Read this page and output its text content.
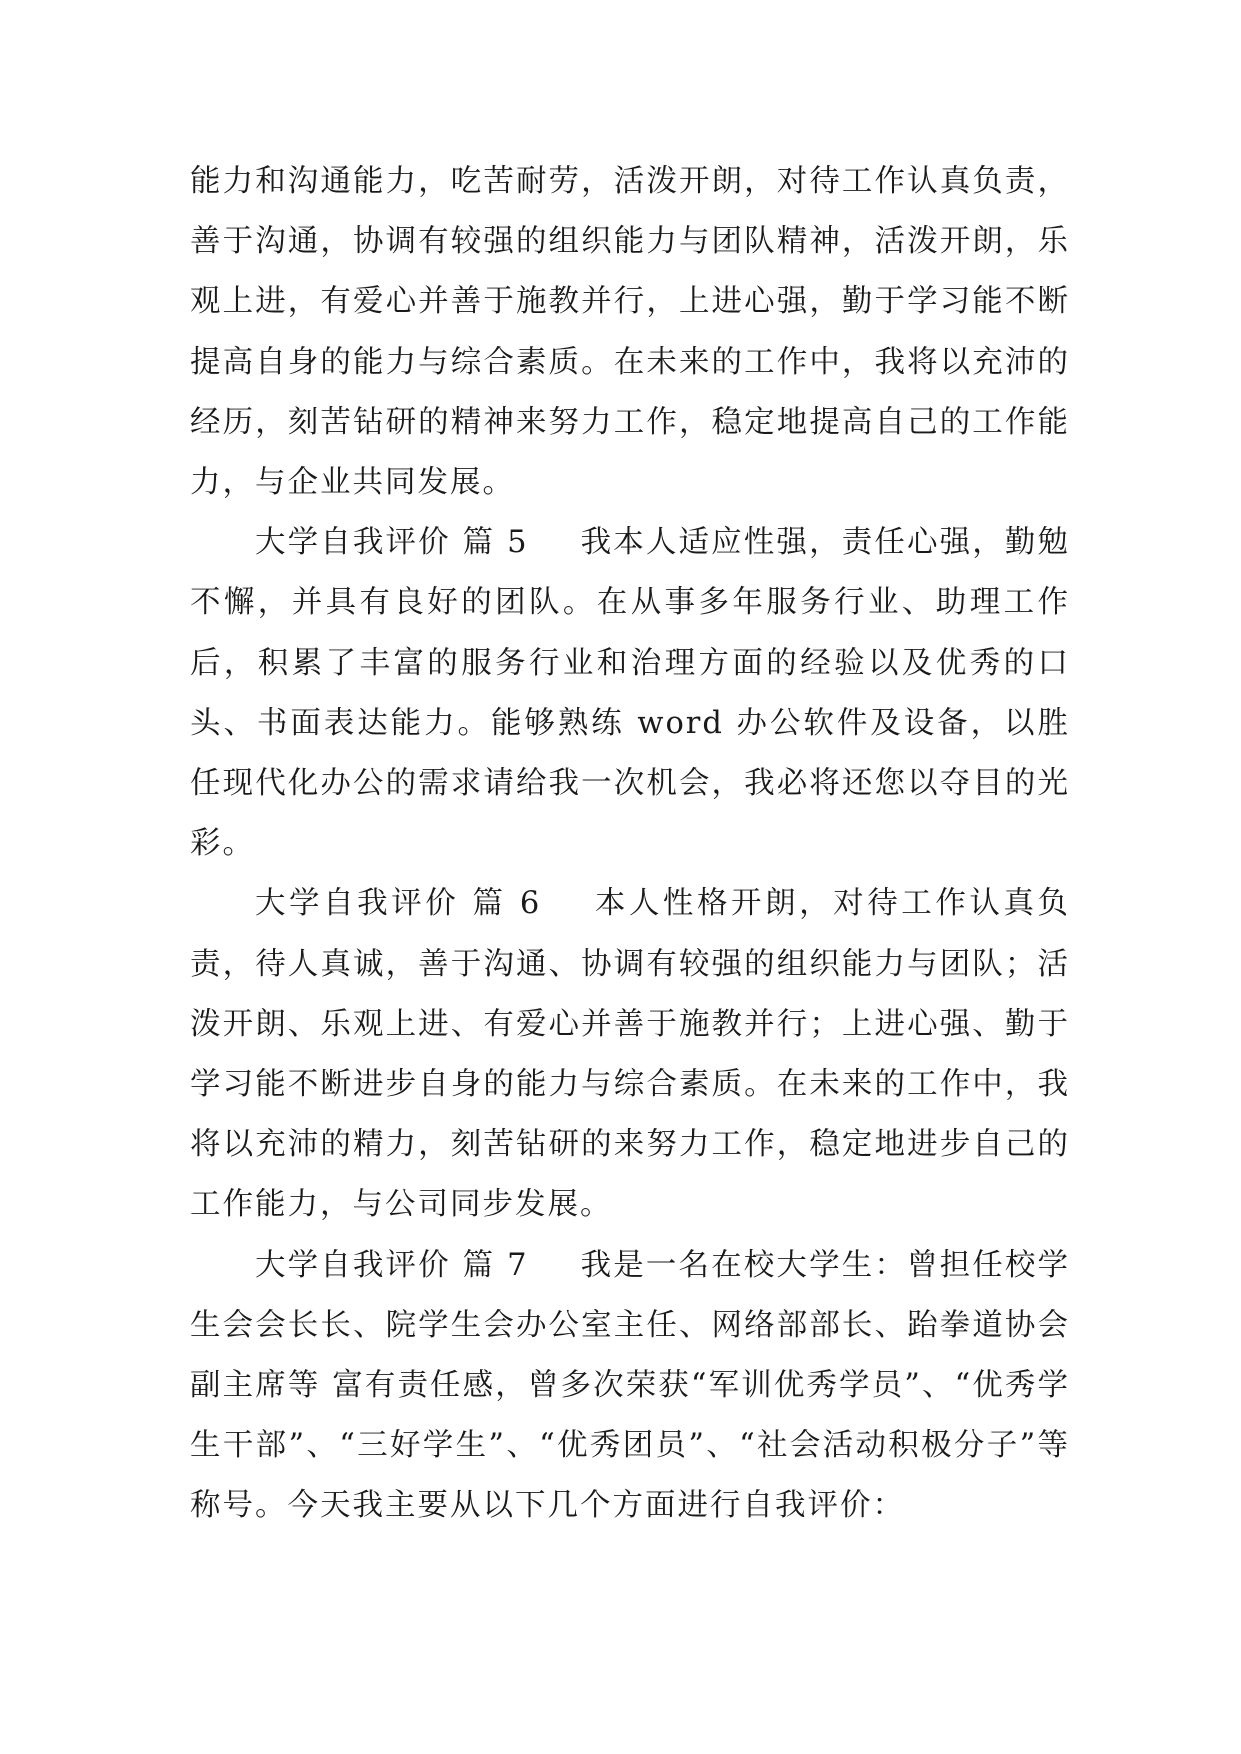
能力和沟通能力，吃苦耐劳，活泼开朗，对待工作认真负责，善于沟通，协调有较强的组织能力与团队精神，活泼开朗，乐观上进，有爱心并善于施教并行，上进心强，勤于学习能不断提高自身的能力与综合素质。在未来的工作中，我将以充沛的经历，刻苦钻研的精神来努力工作，稳定地提高自己的工作能力，与企业共同发展。

大学自我评价 篇 5 我本人适应性强，责任心强，勤勉不懈，并具有良好的团队。在从事多年服务行业、助理工作后，积累了丰富的服务行业和治理方面的经验以及优秀的口头、书面表达能力。能够熟练 word 办公软件及设备，以胜任现代化办公的需求请给我一次机会，我必将还您以夺目的光彩。

大学自我评价 篇 6 本人性格开朗，对待工作认真负责，待人真诚，善于沟通、协调有较强的组织能力与团队；活泼开朗、乐观上进、有爱心并善于施教并行；上进心强、勤于学习能不断进步自身的能力与综合素质。在未来的工作中，我将以充沛的精力，刻苦钻研的来努力工作，稳定地进步自己的工作能力，与公司同步发展。

大学自我评价 篇 7 我是一名在校大学生：曾担任校学生会会长长、院学生会办公室主任、网络部部长、跆拳道协会副主席等 富有责任感，曾多次荣获“军训优秀学员”、“优秀学生干部”、“三好学生”、“优秀团员”、“社会活动积极分子”等称号。今天我主要从以下几个方面进行自我评价：
